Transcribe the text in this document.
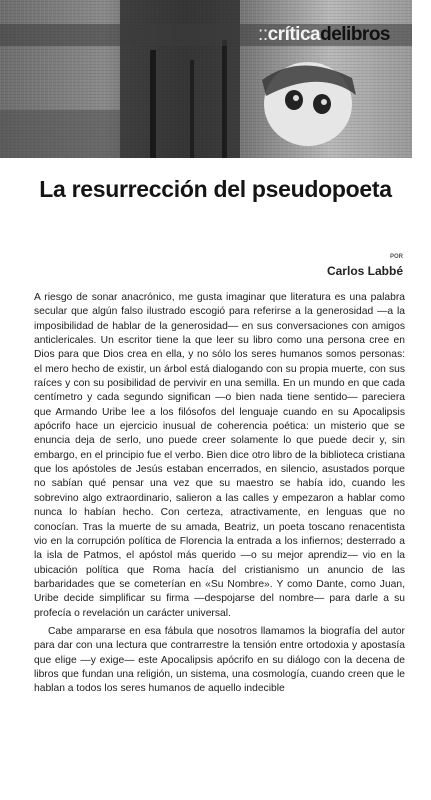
::críticadelibros
La resurrección del pseudopoeta
POR
Carlos Labbé

A riesgo de sonar anacrónico, me gusta imaginar que literatura es una palabra secular que algún falso ilustrado escogió para referirse a la generosidad —a la imposibilidad de hablar de la generosidad— en sus conversaciones con amigos anticlericales. Un escritor tiene la que leer su libro como una persona cree en Dios para que Dios crea en ella, y no sólo los seres humanos somos personas: el mero hecho de existir, un árbol está dialogando con su propia muerte, con sus raíces y con su posibilidad de pervivir en una semilla. En un mundo en que cada centímetro y cada segundo significan —o bien nada tiene sentido— pareciera que Armando Uribe lee a los filósofos del lenguaje cuando en su Apocalipsis apócrifo hace un ejercicio inusual de coherencia poética: un misterio que se enuncia deja de serlo, uno puede creer solamente lo que puede decir y, sin embargo, en el principio fue el verbo. Bien dice otro libro de la biblioteca cristiana que los apóstoles de Jesús estaban encerrados, en silencio, asustados porque no sabían qué pensar una vez que su maestro se había ido, cuando les sobrevino algo extraordinario, salieron a las calles y empezaron a hablar como nunca lo habían hecho. Con certeza, atractivamente, en lenguas que no conocían. Tras la muerte de su amada, Beatriz, un poeta toscano renacentista vio en la corrupción política de Florencia la entrada a los infiernos; desterrado a la isla de Patmos, el apóstol más querido —o su mejor aprendiz— vio en la ubicación política que Roma hacía del cristianismo un anuncio de las barbaridades que se cometerían en «Su Nombre». Y como Dante, como Juan, Uribe decide simplificar su firma —despojarse del nombre— para darle a su profecía o revelación un carácter universal.

Cabe ampararse en esa fábula que nosotros llamamos la biografía del autor para dar con una lectura que contrarrestre la tensión entre ortodoxia y apostasía que elige —y exige— este Apocalipsis apócrifo en su diálogo con la decena de libros que fundan una religión, un sistema, una cosmología, cuando creen que le hablan a todos los seres humanos de aquello indecible
